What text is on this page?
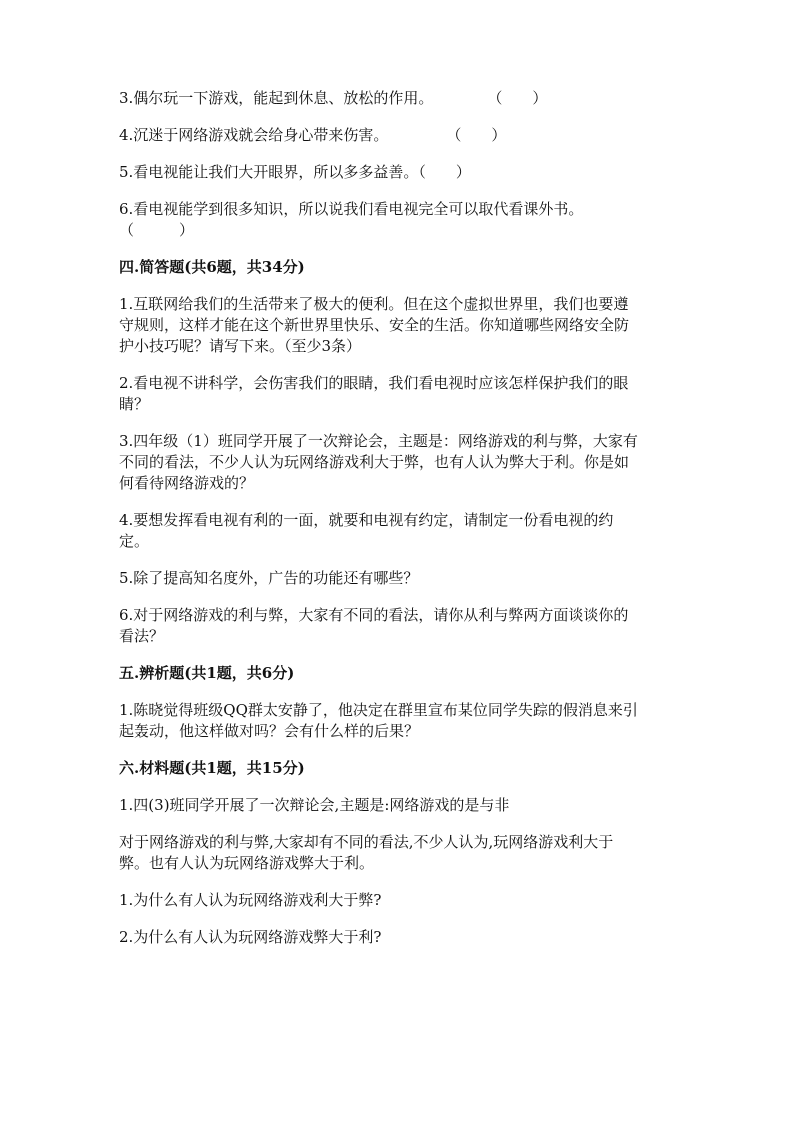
3.偶尔玩一下游戏，能起到休息、放松的作用。	（　　）
4.沉迷于网络游戏就会给身心带来伤害。	（　　）
5.看电视能让我们大开眼界，所以多多益善。（　　）
6.看电视能学到很多知识，所以说我们看电视完全可以取代看课外书。
（　　　）
四.简答题(共6题，共34分)
1.互联网给我们的生活带来了极大的便利。但在这个虚拟世界里，我们也要遵
守规则，这样才能在这个新世界里快乐、安全的生活。你知道哪些网络安全防
护小技巧呢？请写下来。（至少3条）
2.看电视不讲科学，会伤害我们的眼睛，我们看电视时应该怎样保护我们的眼
睛？
3.四年级（1）班同学开展了一次辩论会，主题是：网络游戏的利与弊，大家有
不同的看法，不少人认为玩网络游戏利大于弊，也有人认为弊大于利。你是如
何看待网络游戏的？
4.要想发挥看电视有利的一面，就要和电视有约定，请制定一份看电视的约
定。
5.除了提高知名度外，广告的功能还有哪些？
6.对于网络游戏的利与弊，大家有不同的看法，请你从利与弊两方面谈谈你的
看法？
五.辨析题(共1题，共6分)
1.陈晓觉得班级QQ群太安静了，他决定在群里宣布某位同学失踪的假消息来引
起轰动，他这样做对吗？会有什么样的后果？
六.材料题(共1题，共15分)
1.四(3)班同学开展了一次辩论会,主题是:网络游戏的是与非
对于网络游戏的利与弊,大家却有不同的看法,不少人认为,玩网络游戏利大于
弊。也有人认为玩网络游戏弊大于利。
1.为什么有人认为玩网络游戏利大于弊?
2.为什么有人认为玩网络游戏弊大于利?
